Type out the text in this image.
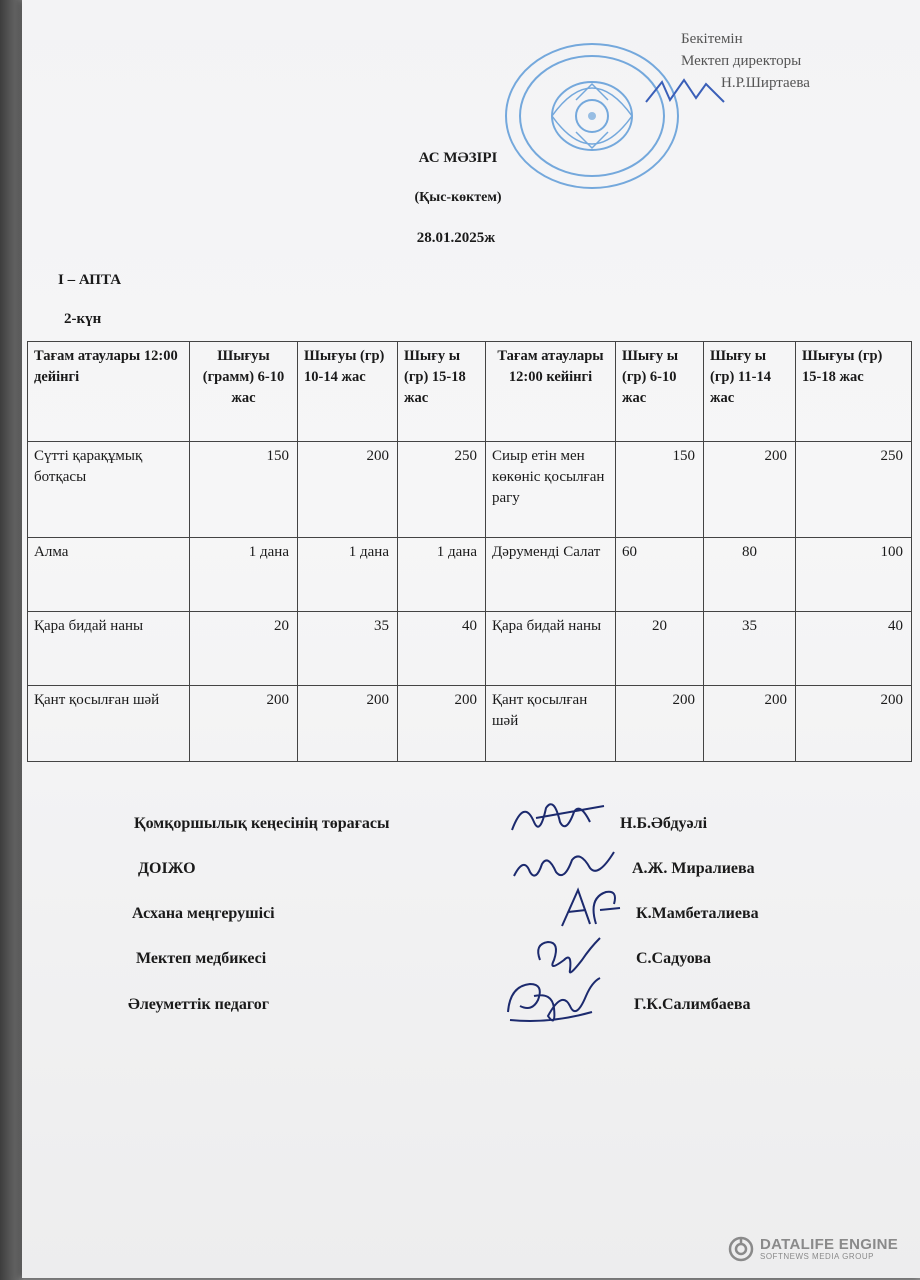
Бекітемін
Мектеп директоры
Н.Р.Ширтаева
АС МӘЗІРІ
(Қыс-көктем)
28.01.2025ж
І – АПТА
2-күн
Тағам атаулары 12:00 дейінгі	Шығуы (грамм) 6-10 жас	Шығуы (гр) 10-14 жас	Шығу ы (гр) 15-18 жас	Тағам атаулары 12:00 кейінгі	Шығу ы (гр) 6-10 жас	Шығу ы (гр) 11-14 жас	Шығуы (гр) 15-18 жас
Сүтті қарақұмық ботқасы	150	200	250	Сиыр етін мен көкөніс қосылған рагу	150	200	250
Алма	1 дана	1 дана	1 дана	Дәруменді Салат	60	80	100
Қара бидай наны	20	35	40	Қара бидай наны	20	35	40
Қант қосылған шәй	200	200	200	Қант қосылған шәй	200	200	200
Қомқоршылық кеңесінің төрағасы	Н.Б.Әбдуәлі
ДОІЖО	А.Ж. Миралиева
Асхана меңгерушісі	К.Мамбеталиева
Мектеп медбикесі	С.Садуова
Әлеуметтік педагог	Г.К.Салимбаева
DATALIFE ENGINE
SOFTNEWS MEDIA GROUP
